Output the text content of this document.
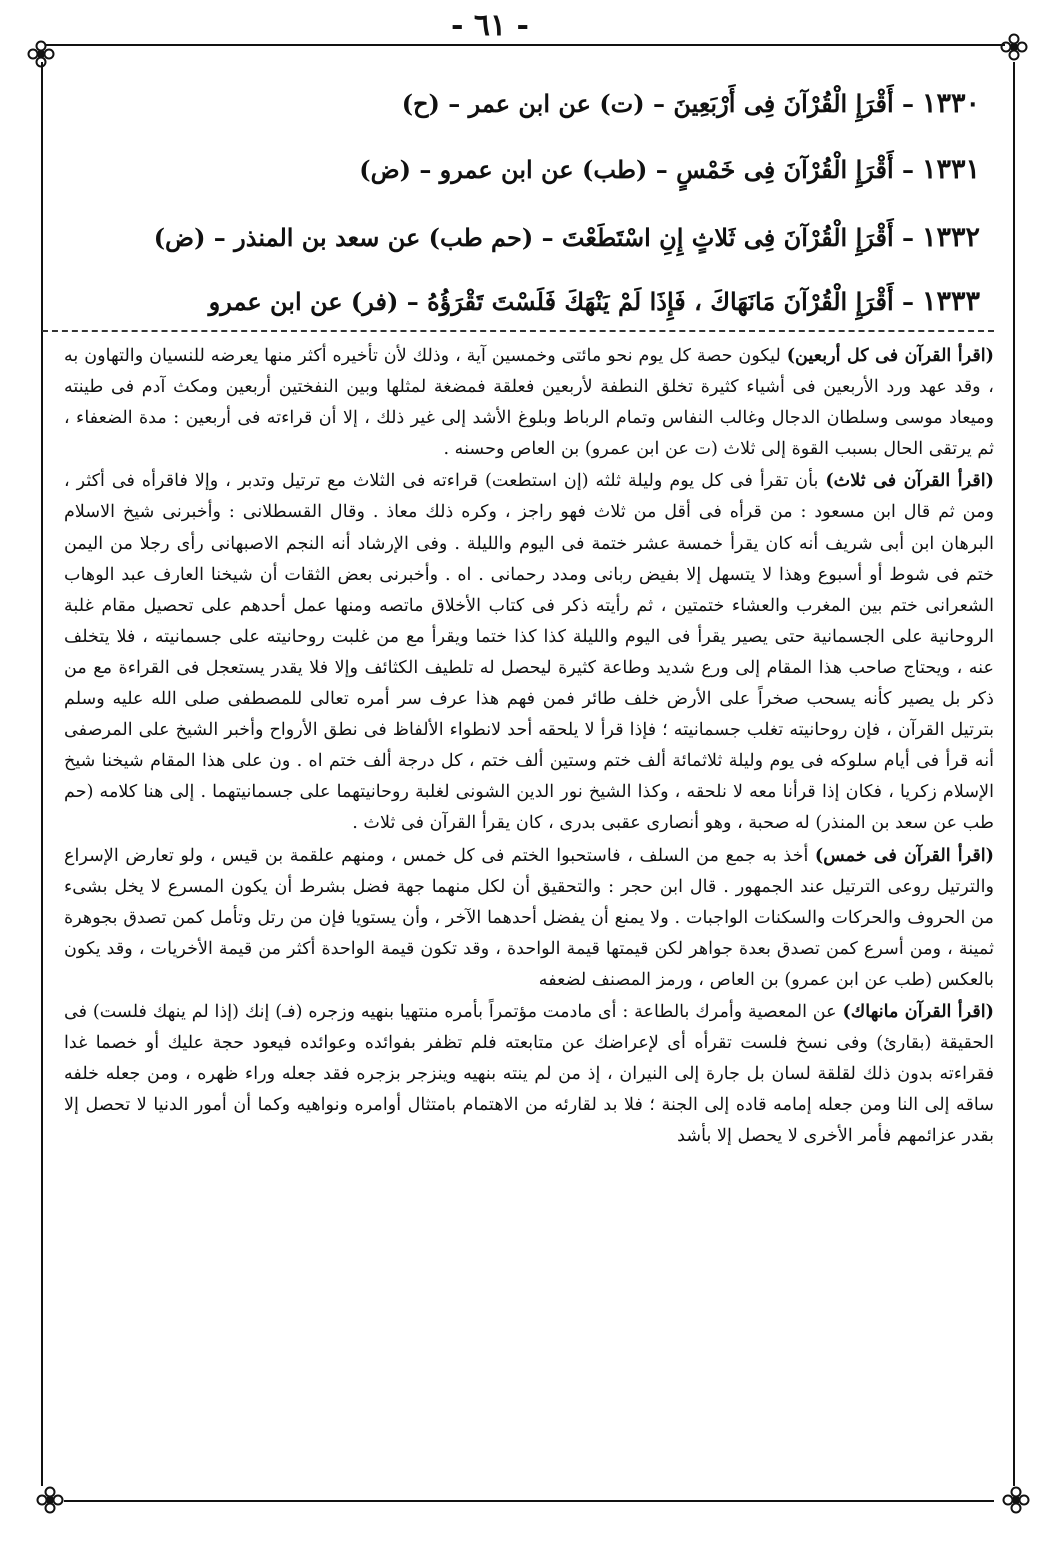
- ٦١ -
١٣٣٠– أَقْرَإِ الْقُرْآنَ فِى أَرْبَعِينَ – (ت) عن ابن عمر – (ح)
١٣٣١– أَقْرَإِ الْقُرْآنَ فِى خَمْسٍ – (طب) عن ابن عمرو – (ض)
١٣٣٢– أَقْرَإِ الْقُرْآنَ فِى ثَلاثٍ إِنِ اسْتَطَعْتَ – (حم طب) عن سعد بن المنذر – (ض)
١٣٣٣– أَقْرَإِ الْقُرْآنَ مَانَهَاكَ ، فَإِذَا لَمْ يَنْهَكَ فَلَسْتَ تَقْرَؤُهُ – (فر) عن ابن عمرو

(اقرأ القرآن فى كل أربعين) ليكون حصة كل يوم نحو مائتى وخمسين آية ، وذلك لأن تأخيره أكثر منها يعرضه للنسيان والتهاون به ، وقد عهد ورد الأربعين فى أشياء كثيرة تخلق النطفة لأربعين فعلقة فمضغة لمثلها وبين النفختين أربعين ومكث آدم فى طينته وميعاد موسى وسلطان الدجال وغالب النفاس وتمام الرباط وبلوغ الأشد إلى غير ذلك ، إلا أن قراءته فى أربعين : مدة الضعفاء ، ثم يرتقى الحال بسبب القوة إلى ثلاث (ت عن ابن عمرو) بن العاص وحسنه .

(اقرأ القرآن فى ثلاث) بأن تقرأ فى كل يوم وليلة ثلثه (إن استطعت) قراءته فى الثلاث مع ترتيل وتدبر ، وإلا فاقرأه فى أكثر ، ومن ثم قال ابن مسعود : من قرأه فى أقل من ثلاث فهو راجز ، وكره ذلك معاذ . وقال القسطلانى : وأخبرنى شيخ الاسلام البرهان ابن أبى شريف أنه كان يقرأ خمسة عشر ختمة فى اليوم والليلة . وفى الإرشاد أنه النجم الاصبهانى رأى رجلا من اليمن ختم فى شوط أو أسبوع وهذا لا يتسهل إلا بفيض ربانى ومدد رحمانى . اه . وأخبرنى بعض الثقات أن شيخنا العارف عبد الوهاب الشعرانى ختم بين المغرب والعشاء ختمتين ، ثم رأيته ذكر فى كتاب الأخلاق ماتصه ومنها عمل أحدهم على تحصيل مقام غلبة الروحانية على الجسمانية حتى يصير يقرأ فى اليوم والليلة كذا كذا ختما ويقرأ مع من غلبت روحانيته على جسمانيته ، فلا يتخلف عنه ، ويحتاج صاحب هذا المقام إلى ورع شديد وطاعة كثيرة ليحصل له تلطيف الكثائف وإلا فلا يقدر يستعجل فى القراءة مع من ذكر بل يصير كأنه يسحب صخراً على الأرض خلف طائر فمن فهم هذا عرف سر أمره تعالى للمصطفى صلى الله عليه وسلم بترتيل القرآن ، فإن روحانيته تغلب جسمانيته ؛ فإذا قرأ لا يلحقه أحد لانطواء الألفاظ فى نطق الأرواح وأخبر الشيخ على المرصفى أنه قرأ فى أيام سلوكه فى يوم وليلة ثلاثمائة ألف ختم وستين ألف ختم ، كل درجة ألف ختم اه . ون على هذا المقام شيخنا شيخ الإسلام زكريا ، فكان إذا قرأنا معه لا نلحقه ، وكذا الشيخ نور الدين الشونى لغلبة روحانيتهما على جسمانيتهما . إلى هنا كلامه (حم طب عن سعد بن المنذر) له صحبة ، وهو أنصارى عقبى بدرى ، كان يقرأ القرآن فى ثلاث .

(اقرأ القرآن فى خمس) أخذ به جمع من السلف ، فاستحبوا الختم فى كل خمس ، ومنهم علقمة بن قيس ، ولو تعارض الإسراع والترتيل روعى الترتيل عند الجمهور . قال ابن حجر : والتحقيق أن لكل منهما جهة فضل بشرط أن يكون المسرع لا يخل بشىء من الحروف والحركات والسكنات الواجبات . ولا يمنع أن يفضل أحدهما الآخر ، وأن يستويا فإن من رتل وتأمل كمن تصدق بجوهرة ثمينة ، ومن أسرع كمن تصدق بعدة جواهر لكن قيمتها قيمة الواحدة ، وقد تكون قيمة الواحدة أكثر من قيمة الأخريات ، وقد يكون بالعكس (طب عن ابن عمرو) بن العاص ، ورمز المصنف لضعفه

(اقرأ القرآن مانهاك) عن المعصية وأمرك بالطاعة : أى مادمت مؤتمراً بأمره منتهيا بنهيه وزجره (فـ) إنك (إذا لم ينهك فلست) فى الحقيقة (بقارئ) وفى نسخ فلست تقرأه أى لإعراضك عن متابعته فلم تظفر بفوائده وعوائده فيعود حجة عليك أو خصما غدا فقراءته بدون ذلك لقلقة لسان بل جارة إلى النيران ، إذ من لم ينته بنهيه وينزجر بزجره فقد جعله وراء ظهره ، ومن جعله خلفه ساقه إلى النا ومن جعله إمامه قاده إلى الجنة ؛ فلا بد لقارئه من الاهتمام بامتثال أوامره ونواهيه وكما أن أمور الدنيا لا تحصل إلا بقدر عزائمهم فأمر الأخرى لا يحصل إلا بأشد
